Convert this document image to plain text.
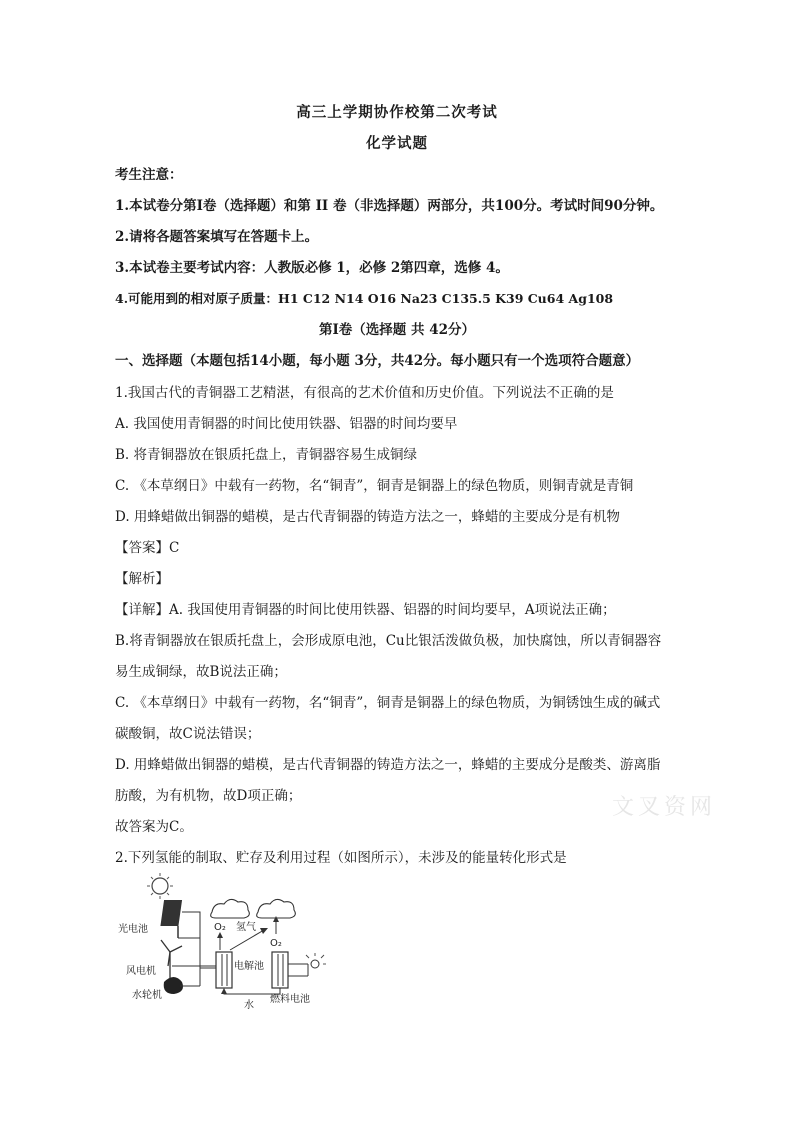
高三上学期协作校第二次考试
化学试题
考生注意：
1.本试卷分第Ⅰ卷（选择题）和第 II 卷（非选择题）两部分，共100分。考试时间90分钟。
2.请将各题答案填写在答题卡上。
3.本试卷主要考试内容：人教版必修 1，必修 2第四章，选修 4。
4.可能用到的相对原子质量：H1 C12 N14 O16 Na23 C135.5 K39 Cu64 Ag108
第Ⅰ卷（选择题 共 42分）
一、选择题（本题包括14小题，每小题 3分，共42分。每小题只有一个选项符合题意）
1.我国古代的青铜器工艺精湛，有很高的艺术价值和历史价值。下列说法不正确的是
A. 我国使用青铜器的时间比使用铁器、铝器的时间均要早
B. 将青铜器放在银质托盘上，青铜器容易生成铜绿
C. 《本草纲日》中载有一药物，名“铜青”，铜青是铜器上的绿色物质，则铜青就是青铜
D. 用蜂蜡做出铜器的蜡模，是古代青铜器的铸造方法之一，蜂蜡的主要成分是有机物
【答案】C
【解析】
【详解】A. 我国使用青铜器的时间比使用铁器、铝器的时间均要早，A项说法正确；
B.将青铜器放在银质托盘上，会形成原电池，Cu比银活泼做负极，加快腐蚀，所以青铜器容
易生成铜绿，故B说法正确；
C. 《本草纲日》中载有一药物，名“铜青”，铜青是铜器上的绿色物质，为铜锈蚀生成的碱式
碳酸铜，故C说法错误；
D. 用蜂蜡做出铜器的蜡模，是古代青铜器的铸造方法之一，蜂蜡的主要成分是酸类、游离脂
肪酸，为有机物，故D项正确；
故答案为C。
文叉资网
2.下列氢能的制取、贮存及利用过程（如图所示），未涉及的能量转化形式是
光电池
风电机
水轮机
电解池
O₂ 氢气
O₂
燃料电池
水
